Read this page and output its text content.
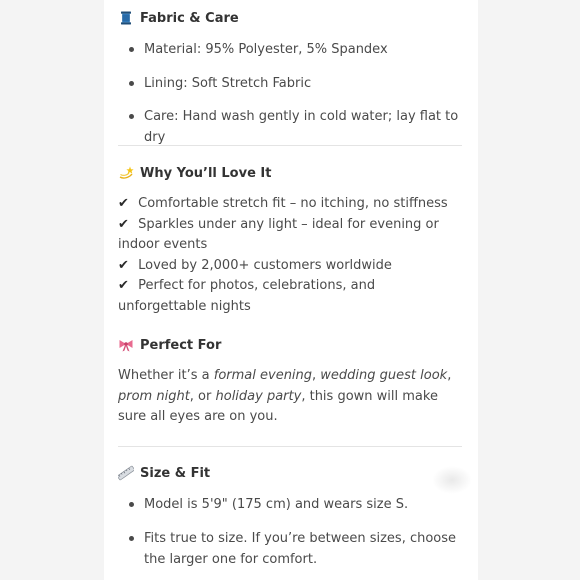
Fabric & Care
Material: 95% Polyester, 5% Spandex
Lining: Soft Stretch Fabric
Care: Hand wash gently in cold water; lay flat to dry
Why You’ll Love It
✔ Comfortable stretch fit – no itching, no stiffness
✔ Sparkles under any light – ideal for evening or indoor events
✔ Loved by 2,000+ customers worldwide
✔ Perfect for photos, celebrations, and unforgettable nights
Perfect For

Whether it’s a formal evening, wedding guest look, prom night, or holiday party, this gown will make sure all eyes are on you.

Size & Fit
Model is 5'9" (175 cm) and wears size S.
Fits true to size. If you’re between sizes, choose the larger one for comfort.
